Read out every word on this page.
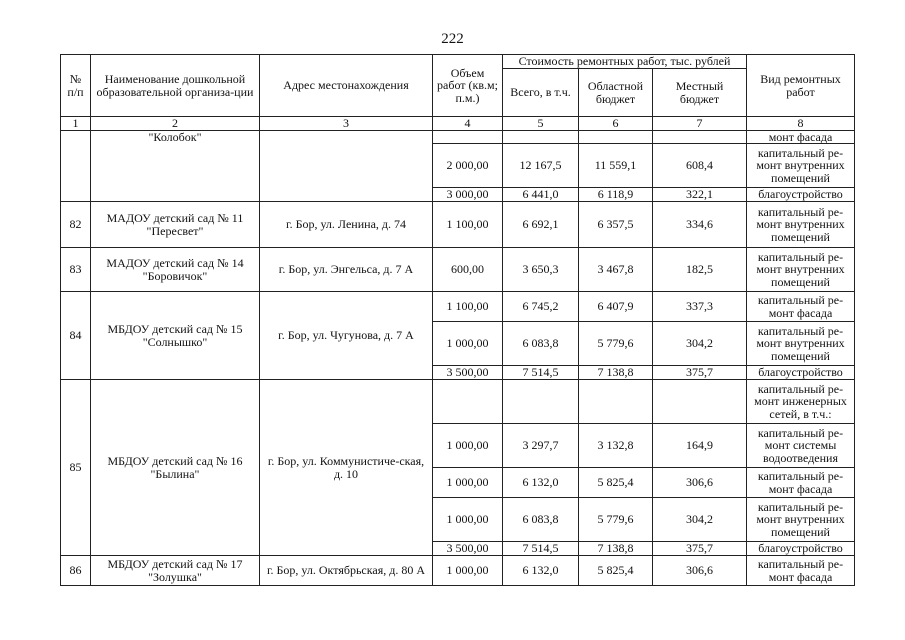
222
№
п/п	Наименование дошкольной образовательной организа-ции	Адрес местонахождения	Объем работ (кв.м; п.м.)	Стоимость ремонтных работ, тыс. рублей			Вид ремонтных работ
				Всего, в т.ч.	Областной бюджет	Местный бюджет	
1	2	3	4	5	6	7	8
	"Колобок"						монт фасада
			2 000,00	12 167,5	11 559,1	608,4	капитальный ре-монт внутренних помещений
			3 000,00	6 441,0	6 118,9	322,1	благоустройство
82	МАДОУ детский сад № 11 "Пересвет"	г. Бор, ул. Ленина, д. 74	1 100,00	6 692,1	6 357,5	334,6	капитальный ре-монт внутренних помещений
83	МАДОУ детский сад № 14 "Боровичок"	г. Бор, ул. Энгельса, д. 7 А	600,00	3 650,3	3 467,8	182,5	капитальный ре-монт внутренних помещений
84	МБДОУ детский сад № 15 "Солнышко"	г. Бор, ул. Чугунова, д. 7 А	1 100,00	6 745,2	6 407,9	337,3	капитальный ре-монт фасада
			1 000,00	6 083,8	5 779,6	304,2	капитальный ре-монт внутренних помещений
			3 500,00	7 514,5	7 138,8	375,7	благоустройство
85	МБДОУ детский сад № 16 "Былина"	г. Бор, ул. Коммунистиче-ская, д. 10					капитальный ре-монт инженерных сетей, в т.ч.:
			1 000,00	3 297,7	3 132,8	164,9	капитальный ре-монт системы водоотведения
			1 000,00	6 132,0	5 825,4	306,6	капитальный ре-монт фасада
			1 000,00	6 083,8	5 779,6	304,2	капитальный ре-монт внутренних помещений
			3 500,00	7 514,5	7 138,8	375,7	благоустройство
86	МБДОУ детский сад № 17 "Золушка"	г. Бор, ул. Октябрьская, д. 80 А	1 000,00	6 132,0	5 825,4	306,6	капитальный ре-монт фасада
